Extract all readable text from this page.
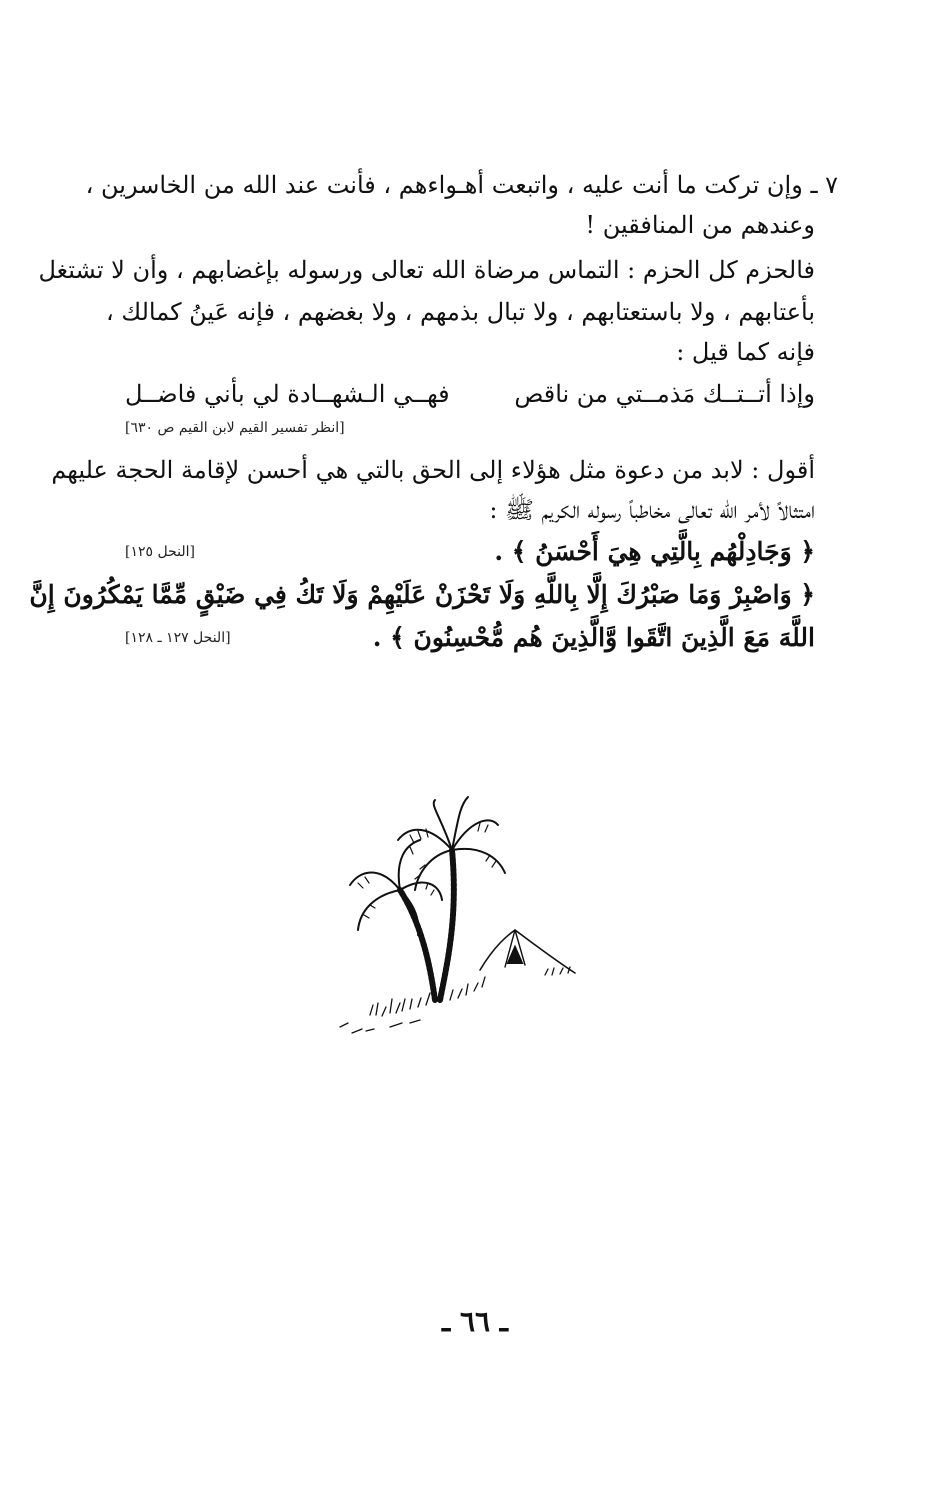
٧ ـ وإن تركت ما أنت عليه ، واتبعت أهـواءهم ، فأنت عند الله من الخاسرين ،
وعندهم من المنافقين !
فالحزم كل الحزم : التماس مرضاة الله تعالى ورسوله بإغضابهم ، وأن لا تشتغل
بأعتابهم ، ولا باستعتابهم ، ولا تبال بذمهم ، ولا بغضهم ، فإنه عَينُ كمالك ،
فإنه كما قيل :
وإذا أتــتــك مَذمــتي من ناقص
فهــي الـشهــادة لي بأني فاضــل
[انظر تفسير القيم لابن القيم ص ٦٣٠]
أقول : لابد من دعوة مثل هؤلاء إلى الحق بالتي هي أحسن لإقامة الحجة عليهم
امتثالاً لأمر الله تعالى مخاطباً رسوله الكريم ﷺ :
﴿ وَجَادِلْهُم بِالَّتِي هِيَ أَحْسَنُ ﴾ .
[النحل ١٢٥]
﴿ وَاصْبِرْ وَمَا صَبْرُكَ إِلَّا بِاللَّهِ وَلَا تَحْزَنْ عَلَيْهِمْ وَلَا تَكُ فِي ضَيْقٍ مِّمَّا يَمْكُرُونَ إِنَّ
اللَّهَ مَعَ الَّذِينَ اتَّقَوا وَّالَّذِينَ هُم مُّحْسِنُونَ ﴾ .
[النحل ١٢٧ ـ ١٢٨]
ـ ٦٦ ـ
